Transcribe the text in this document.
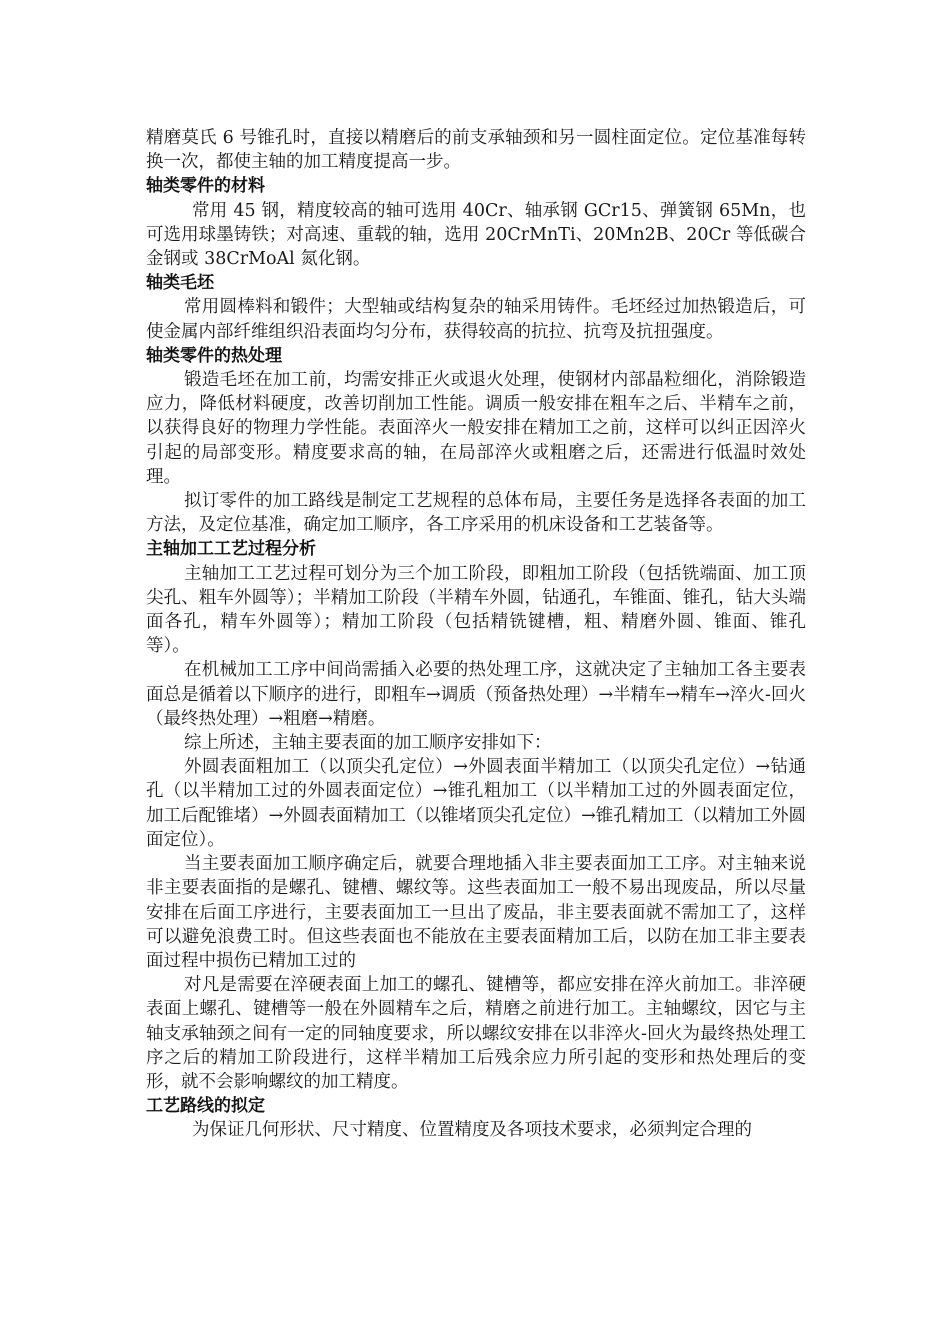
精磨莫氏 6 号锥孔时，直接以精磨后的前支承轴颈和另一圆柱面定位。定位基准每转换一次，都使主轴的加工精度提高一步。

轴类零件的材料

常用 45 钢，精度较高的轴可选用 40Cr、轴承钢 GCr15、弹簧钢 65Mn，也可选用球墨铸铁；对高速、重载的轴，选用 20CrMnTi、20Mn2B、20Cr 等低碳合金钢或 38CrMoAl 氮化钢。

轴类毛坯

常用圆棒料和锻件；大型轴或结构复杂的轴采用铸件。毛坯经过加热锻造后，可使金属内部纤维组织沿表面均匀分布，获得较高的抗拉、抗弯及抗扭强度。

轴类零件的热处理

锻造毛坯在加工前，均需安排正火或退火处理，使钢材内部晶粒细化，消除锻造应力，降低材料硬度，改善切削加工性能。调质一般安排在粗车之后、半精车之前，以获得良好的物理力学性能。表面淬火一般安排在精加工之前，这样可以纠正因淬火引起的局部变形。精度要求高的轴，在局部淬火或粗磨之后，还需进行低温时效处理。

拟订零件的加工路线是制定工艺规程的总体布局，主要任务是选择各表面的加工方法，及定位基准，确定加工顺序，各工序采用的机床设备和工艺装备等。

主轴加工工艺过程分析

主轴加工工艺过程可划分为三个加工阶段，即粗加工阶段（包括铣端面、加工顶尖孔、粗车外圆等）；半精加工阶段（半精车外圆，钻通孔，车锥面、锥孔，钻大头端面各孔，精车外圆等）；精加工阶段（包括精铣键槽，粗、精磨外圆、锥面、锥孔等）。

在机械加工工序中间尚需插入必要的热处理工序，这就决定了主轴加工各主要表面总是循着以下顺序的进行，即粗车→调质（预备热处理）→半精车→精车→淬火-回火（最终热处理）→粗磨→精磨。

综上所述，主轴主要表面的加工顺序安排如下：

外圆表面粗加工（以顶尖孔定位）→外圆表面半精加工（以顶尖孔定位）→钻通孔（以半精加工过的外圆表面定位）→锥孔粗加工（以半精加工过的外圆表面定位，加工后配锥堵）→外圆表面精加工（以锥堵顶尖孔定位）→锥孔精加工（以精加工外圆面定位）。

当主要表面加工顺序确定后，就要合理地插入非主要表面加工工序。对主轴来说非主要表面指的是螺孔、键槽、螺纹等。这些表面加工一般不易出现废品，所以尽量安排在后面工序进行，主要表面加工一旦出了废品，非主要表面就不需加工了，这样可以避免浪费工时。但这些表面也不能放在主要表面精加工后，以防在加工非主要表面过程中损伤已精加工过的

对凡是需要在淬硬表面上加工的螺孔、键槽等，都应安排在淬火前加工。非淬硬表面上螺孔、键槽等一般在外圆精车之后，精磨之前进行加工。主轴螺纹，因它与主轴支承轴颈之间有一定的同轴度要求，所以螺纹安排在以非淬火-回火为最终热处理工序之后的精加工阶段进行，这样半精加工后残余应力所引起的变形和热处理后的变形，就不会影响螺纹的加工精度。

工艺路线的拟定

为保证几何形状、尺寸精度、位置精度及各项技术要求，必须判定合理的
